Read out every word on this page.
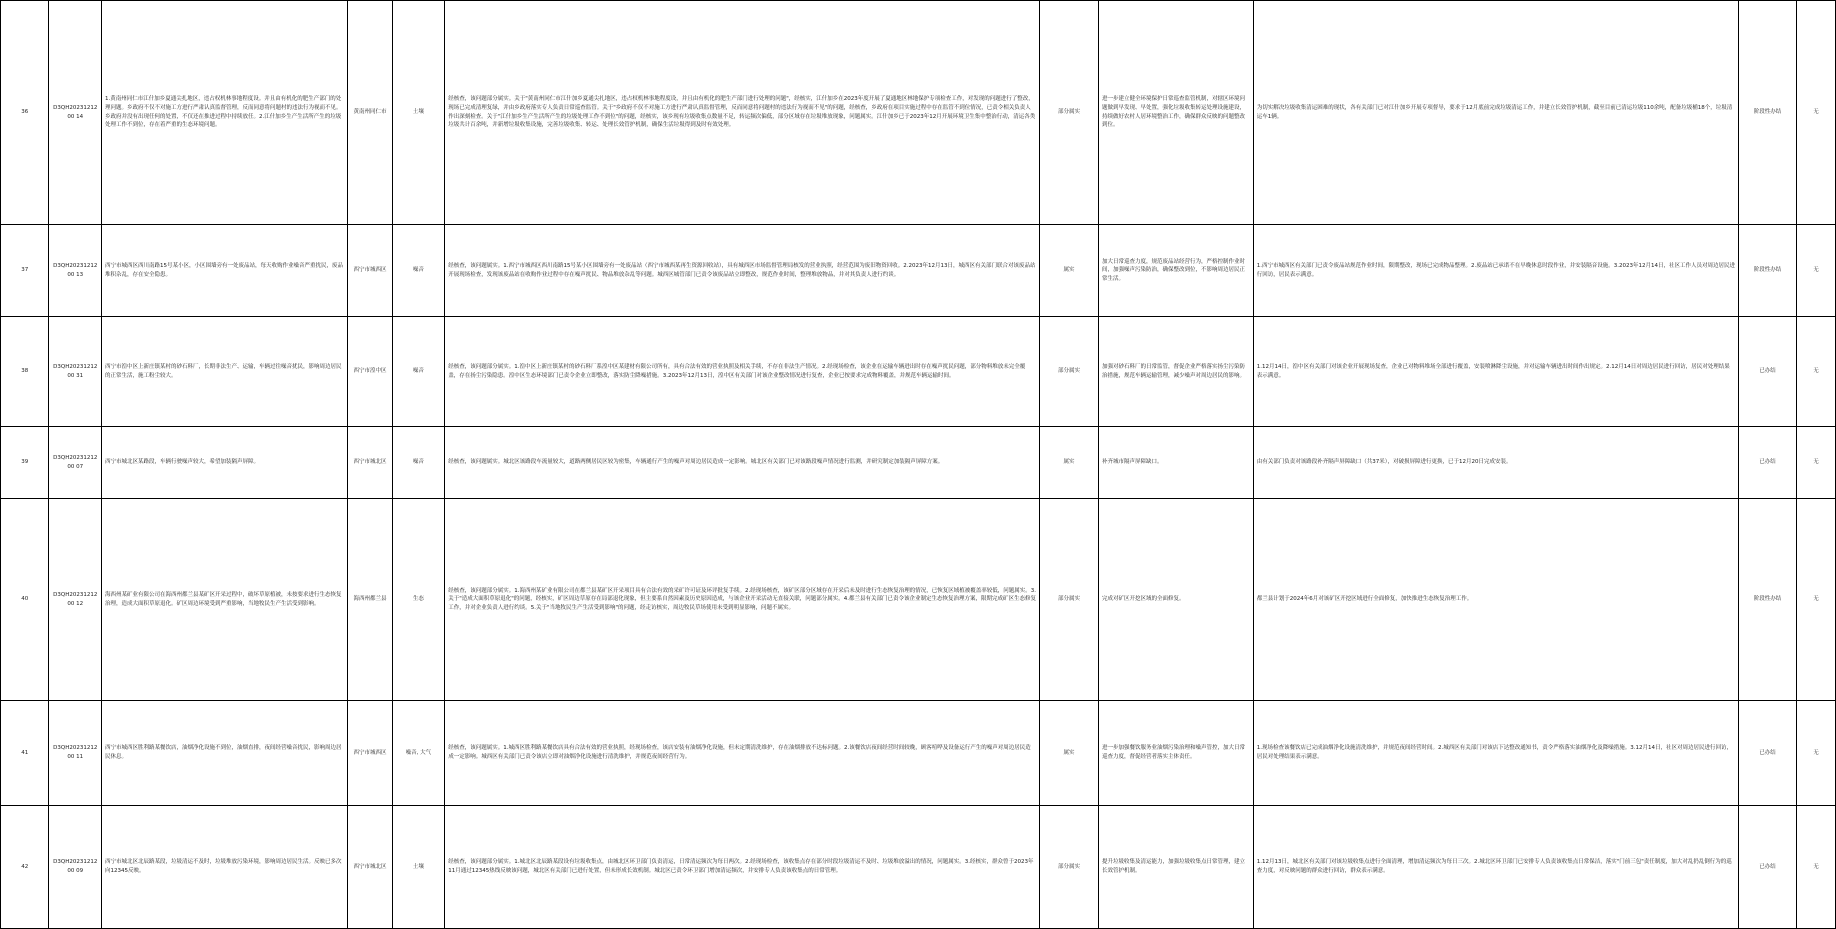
36	D3QH2023121200 14	1.黄南州同仁市江什加乡夏通尖扎地区，违占权机林事地程度设。并且由有机化的肥生产部门的处理问题。乡政府不仅不对施工方进行严肃认真监督管理，反而同意将问题村的违法行为视而不见。乡政府并没有出现任何的处置，不仅还在推进过程中持续放任。2.江什加乡生产生活所产生的垃圾处理工作不到位，存在着严重的生态环境问题。	黄南州同仁市	土壤	经核查，该问题部分属实。关于"黄南州同仁市江什加乡夏通尖扎地区，违占权机林事地程度设，并且由有机化的肥生产部门进行处理的问题"，经核实，江什加乡在2023年度开展了夏通地区林地保护专项检查工作，对发现的问题进行了整改，现场已完成清理复绿，并由乡政府落实专人负责日常巡查监管。关于"乡政府不仅不对施工方进行严肃认真监督管理，反而同意将问题村的违法行为视而不见"的问题，经核查，乡政府在项目实施过程中存在监管不到位情况，已责令相关负责人作出深刻检查。关于"江什加乡生产生活所产生的垃圾处理工作不到位"的问题，经核实，该乡现有垃圾收集点数量不足，转运频次偏低，部分区域存在垃圾堆放现象，问题属实。江什加乡已于2023年12月开展环境卫生集中整治行动，清运各类垃圾共计百余吨，并新增垃圾收集设施，完善垃圾收集、转运、处理长效管护机制，确保生活垃圾得到及时有效处理。	部分属实	进一步建立健全环境保护日常巡查监管机制，对辖区环境问题做到早发现、早处置，强化垃圾收集转运处理设施建设，持续做好农村人居环境整治工作，确保群众反映的问题整改到位。	为切实解决垃圾收集清运困难的现状，各有关部门已对江什加乡开展专项督导，要求于12月底前完成垃圾清运工作，并建立长效管护机制，截至目前已清运垃圾110余吨，配备垃圾桶18个，垃圾清运车1辆。	阶段性办结	无
37	D3QH2023121200 13	西宁市城西区西川南路15号某小区，小区围墙旁有一处废品站，每天收购作业噪音严重扰民，废品堆积杂乱，存在安全隐患。	西宁市城西区	噪音	经核查，该问题属实。1.西宁市城西区西川南路15号某小区围墙旁有一处废品站（西宁市城西某再生资源回收站），具有城西区市场监督管理局核发的营业执照，经营范围为废旧物资回收。2.2023年12月13日，城西区有关部门联合对该废品站开展现场检查，发现该废品站在收购作业过程中存在噪声扰民、物品堆放杂乱等问题。城西区城管部门已责令该废品站立即整改，规范作业时间，整理堆放物品，并对其负责人进行约谈。	属实	加大日常巡查力度，规范废品站经营行为，严格控制作业时间，加强噪声污染防治，确保整改到位，不影响周边居民正常生活。	1.西宁市城西区有关部门已责令废品站规范作业时间，限期整改，现场已完成物品整理。2.废品站已承诺不在早晚休息时段作业，并安装隔音设施。3.2023年12月14日，社区工作人员对周边居民进行回访，居民表示满意。	阶段性办结	无
38	D3QH2023121200 31	西宁市湟中区上新庄镇某村的砂石料厂，长期非法生产、运输，车辆过往噪音扰民，影响周边居民的正常生活，施工粉尘较大。	西宁市湟中区	噪音	经核查，该问题部分属实。1.湟中区上新庄镇某村的砂石料厂系湟中区某建材有限公司所有，具有合法有效的营业执照及相关手续，不存在非法生产情况。2.经现场检查，该企业在运输车辆进出时存在噪声扰民问题，部分物料堆放未完全覆盖，存在扬尘污染隐患。湟中区生态环境部门已责令企业立即整改，落实防尘降噪措施。3.2023年12月13日，湟中区有关部门对该企业整改情况进行复查，企业已按要求完成物料覆盖，并规范车辆运输时间。	部分属实	加强对砂石料厂的日常监管，督促企业严格落实扬尘污染防治措施，规范车辆运输管理，减少噪声对周边居民的影响。	1.12月14日，湟中区有关部门对该企业开展现场复查，企业已对物料堆场全部进行覆盖，安装喷淋降尘设施，并对运输车辆进出时间作出规定。2.12月14日对周边居民进行回访，居民对处理结果表示满意。	已办结	无
39	D3QH2023121200 07	西宁市城北区某路段，车辆行驶噪声较大，希望加装隔声屏障。	西宁市城北区	噪音	经核查，该问题属实。城北区该路段车流量较大，道路两侧居民区较为密集，车辆通行产生的噪声对周边居民造成一定影响。城北区有关部门已对该路段噪声情况进行监测，并研究制定加装隔声屏障方案。	属实	补齐城市隔声屏障缺口。	由有关部门负责对该路段补齐隔声屏障缺口（共37米），对破损屏障进行更换，已于12月20日完成安装。	已办结	无
40	D3QH2023121200 12	海西州某矿业有限公司在海西州都兰县某矿区开采过程中，破坏草原植被，未按要求进行生态恢复治理，造成大面积草原退化。矿区周边环境受到严重影响，当地牧民生产生活受到影响。	海西州都兰县	生态	经核查，该问题部分属实。1.海西州某矿业有限公司在都兰县某矿区开采项目具有合法有效的采矿许可证及环评批复手续。2.经现场核查，该矿区部分区域存在开采后未及时进行生态恢复治理的情况，已恢复区域植被覆盖率较低，问题属实。3.关于"造成大面积草原退化"的问题，经核实，矿区周边草原存在局部退化现象，但主要系自然因素及历史原因造成，与该企业开采活动无直接关联，问题部分属实。4.都兰县有关部门已责令该企业制定生态恢复治理方案，限期完成矿区生态修复工作，并对企业负责人进行约谈。5.关于"当地牧民生产生活受到影响"的问题，经走访核实，周边牧民草场使用未受到明显影响，问题不属实。	部分属实	完成对矿区开挖区域的全面修复。	都兰县计划于2024年6月对该矿区开挖区域进行全面修复，加快推进生态恢复治理工作。	阶段性办结	无
41	D3QH2023121200 11	西宁市城西区胜利路某餐饮店，油烟净化设施不到位，油烟直排，夜间经营噪音扰民，影响周边居民休息。	西宁市城西区	噪音, 大气	经核查，该问题属实。1.城西区胜利路某餐饮店具有合法有效的营业执照，经现场检查，该店安装有油烟净化设施，但未定期清洗维护，存在油烟排放不达标问题。2.该餐饮店夜间经营时间较晚，顾客喧哗及设备运行产生的噪声对周边居民造成一定影响。城西区有关部门已责令该店立即对油烟净化设施进行清洗维护，并规范夜间经营行为。	属实	进一步加强餐饮服务业油烟污染治理和噪声管控，加大日常巡查力度，督促经营者落实主体责任。	1.现场检查该餐饮店已完成油烟净化设施清洗维护，并规范夜间经营时间。2.城西区有关部门对该店下达整改通知书，责令严格落实油烟净化及降噪措施。3.12月14日，社区对周边居民进行回访，居民对处理结果表示满意。	已办结	无
42	D3QH2023121200 09	西宁市城北区北辰路某段，垃圾清运不及时，垃圾堆放污染环境，影响周边居民生活。反映已多次向12345反映。	西宁市城北区	土壤	经核查，该问题部分属实。1.城北区北辰路某段设有垃圾收集点，由城北区环卫部门负责清运，日常清运频次为每日两次。2.经现场检查，该收集点存在部分时段垃圾清运不及时、垃圾堆放溢出的情况，问题属实。3.经核实，群众曾于2023年11月通过12345热线反映该问题，城北区有关部门已进行处置，但未形成长效机制。城北区已责令环卫部门增加清运频次，并安排专人负责该收集点的日常管理。	部分属实	提升垃圾收集及清运能力，加强垃圾收集点日常管理，建立长效管护机制。	1.12月13日，城北区有关部门对该垃圾收集点进行全面清理，增加清运频次为每日三次。2.城北区环卫部门已安排专人负责该收集点日常保洁，落实"门前三包"责任制度，加大对乱扔乱倒行为的巡查力度，对反映问题的群众进行回访，群众表示满意。	已办结	无
